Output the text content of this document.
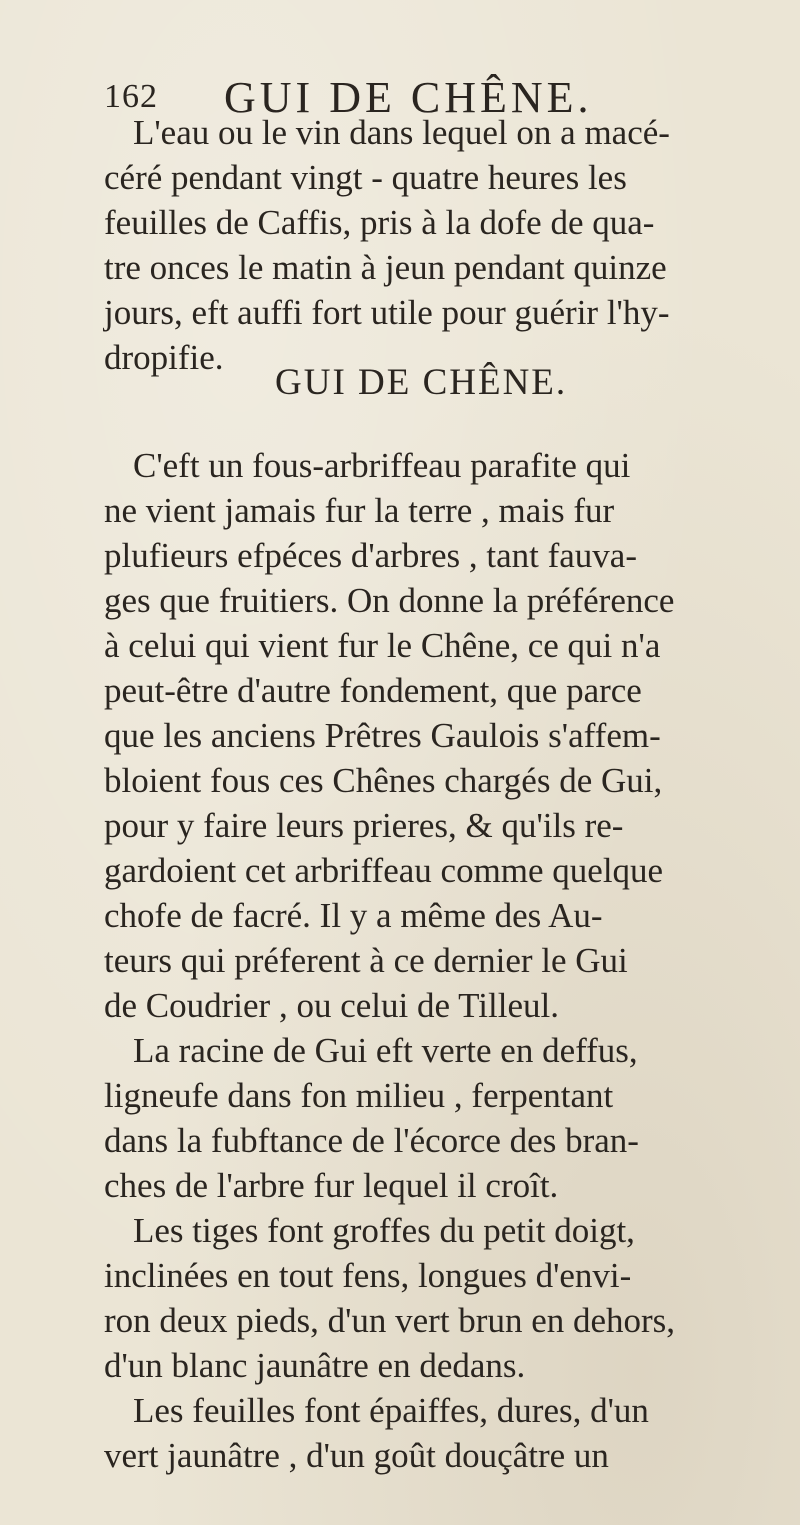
162 GUI DE CHÊNE.
L'eau ou le vin dans lequel on a macé-
céré pendant vingt - quatre heures les
feuilles de Caffis, pris à la dofe de qua-
tre onces le matin à jeun pendant quinze
jours, eft auffi fort utile pour guérir l'hy-
dropifie.
GUI DE CHÊNE.
C'eft un fous-arbriffeau parafite qui
ne vient jamais fur la terre , mais fur
plufieurs efpéces d'arbres , tant fauva-
ges que fruitiers. On donne la préférence
à celui qui vient fur le Chêne, ce qui n'a
peut-être d'autre fondement, que parce
que les anciens Prêtres Gaulois s'affem-
bloient fous ces Chênes chargés de Gui,
pour y faire leurs prieres, & qu'ils re-
gardoient cet arbriffeau comme quelque
chofe de facré. Il y a même des Au-
teurs qui préferent à ce dernier le Gui
de Coudrier , ou celui de Tilleul.
La racine de Gui eft verte en deffus,
ligneufe dans fon milieu , ferpentant
dans la fubftance de l'écorce des bran-
ches de l'arbre fur lequel il croît.
Les tiges font groffes du petit doigt,
inclinées en tout fens, longues d'envi-
ron deux pieds, d'un vert brun en dehors,
d'un blanc jaunâtre en dedans.
Les feuilles font épaiffes, dures, d'un
vert jaunâtre , d'un goût douçâtre un
